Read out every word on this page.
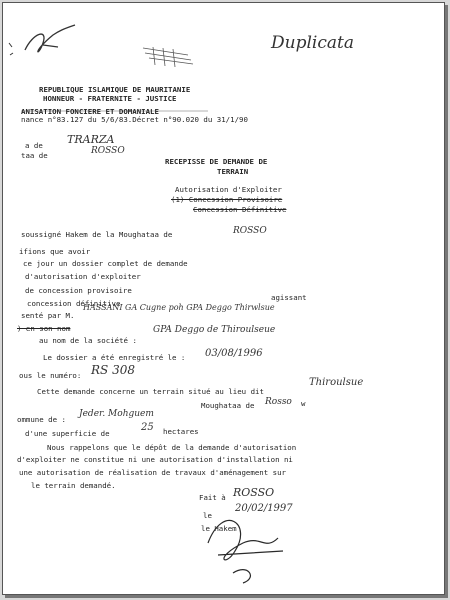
Duplicata
REPUBLIQUE ISLAMIQUE DE MAURITANIE
HONNEUR - FRATERNITE - JUSTICE
ANISATION FONCIERE ET DOMANIALE
nance n°83.127 du 5/6/83.Décret n°90.020 du 31/1/90
a de TRARZA
taa de	ROSSO
RECEPISSE DE DEMANDE DE
TERRAIN
Autorisation d'Exploiter
(1) Concession Provisoire
Concession Définitive
soussigné Hakem de la Moughataa de	ROSSO
ifions que avoir
ce jour un dossier complet de demande
d'autorisation d'exploiter
de concession provisoire
concession définitive
agissant
senté par M.
HASSANI GA Cugne poh GPA Deggo Thirwlsue
) en son nom
au nom de la société :
GPA Deggo de Thiroulseue
Le dossier a été enregistré le : 03/08/1996
ous le numéro: RS 308
Cette demande concerne un terrain situé au lieu dit
Thiroulsue
Moughataa de Rosso w
ommune de :
Jeder. Mohguem
d'une superficie de
25 hectares
Nous rappelons que le dépôt de la demande d'autorisation
d'exploiter ne constitue ni une autorisation d'installation ni
une autorisation de réalisation de travaux d'aménagement sur
le terrain demandé.
Fait à ROSSO
le
20/02/1997
le Hakem
